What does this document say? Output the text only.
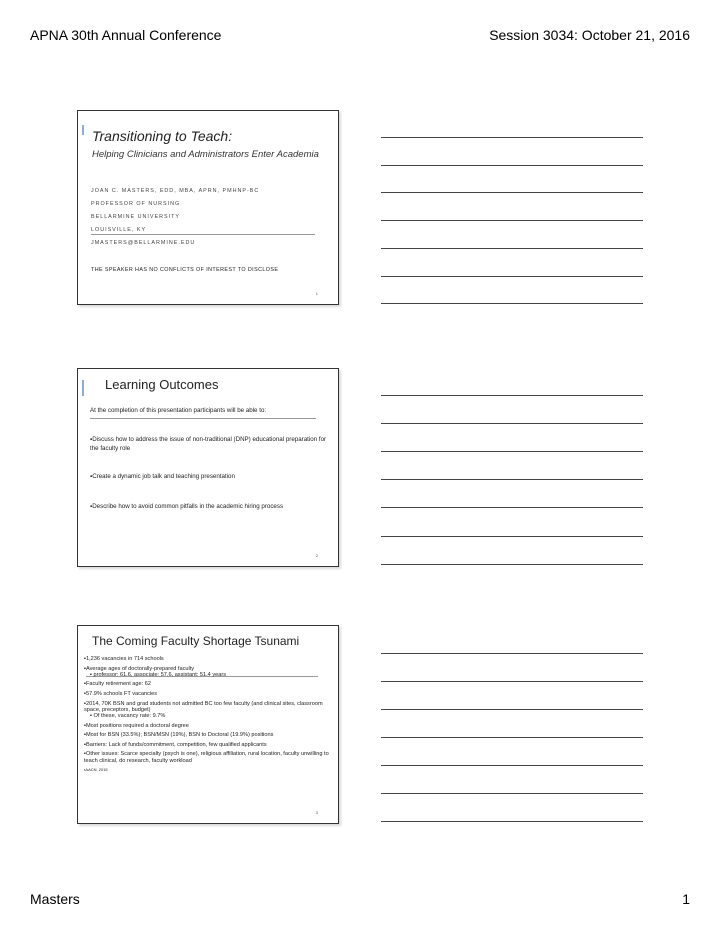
APNA 30th Annual Conference	Session 3034: October 21, 2016
Transitioning to Teach:
Helping Clinicians and Administrators Enter Academia
JOAN C. MASTERS, EDD, MBA, APRN, PMHNP-BC
PROFESSOR OF NURSING
BELLARMINE UNIVERSITY
LOUISVILLE, KY
JMASTERS@BELLARMINE.EDU
THE SPEAKER HAS NO CONFLICTS OF INTEREST TO DISCLOSE
1
Learning Outcomes
At the completion of this presentation participants will be able to:
▪Discuss how to address the issue of non-traditional (DNP) educational preparation for the faculty role
▪Create a dynamic job talk and teaching presentation
▪Describe how to avoid common pitfalls in the academic hiring process
2
The Coming Faculty Shortage Tsunami
▪1,236 vacancies in 714 schools
▪Average ages of doctorally-prepared faculty
▪ professor: 61.6, associate: 57.6, assistant: 51.4 years
▪Faculty retirement age: 62
▪57.9% schools FT vacancies
▪2014, 70K BSN and grad students not admitted BC too few faculty (and clinical sites, classroom space, preceptors, budget)
▪ Of these, vacancy rate: 9.7%
▪Most positions required a doctoral degree
▪Most for BSN (33.5%); BSN/MSN (19%), BSN to Doctoral (19.9%) positions
▪Barriers: Lack of funds/commitment, competition, few qualified applicants
▪Other issues: Scarce specialty (psych is one), religious affiliation, rural location, faculty unwilling to teach clinical, do research, faculty workload
▪AACN, 2015
3
Masters	1
